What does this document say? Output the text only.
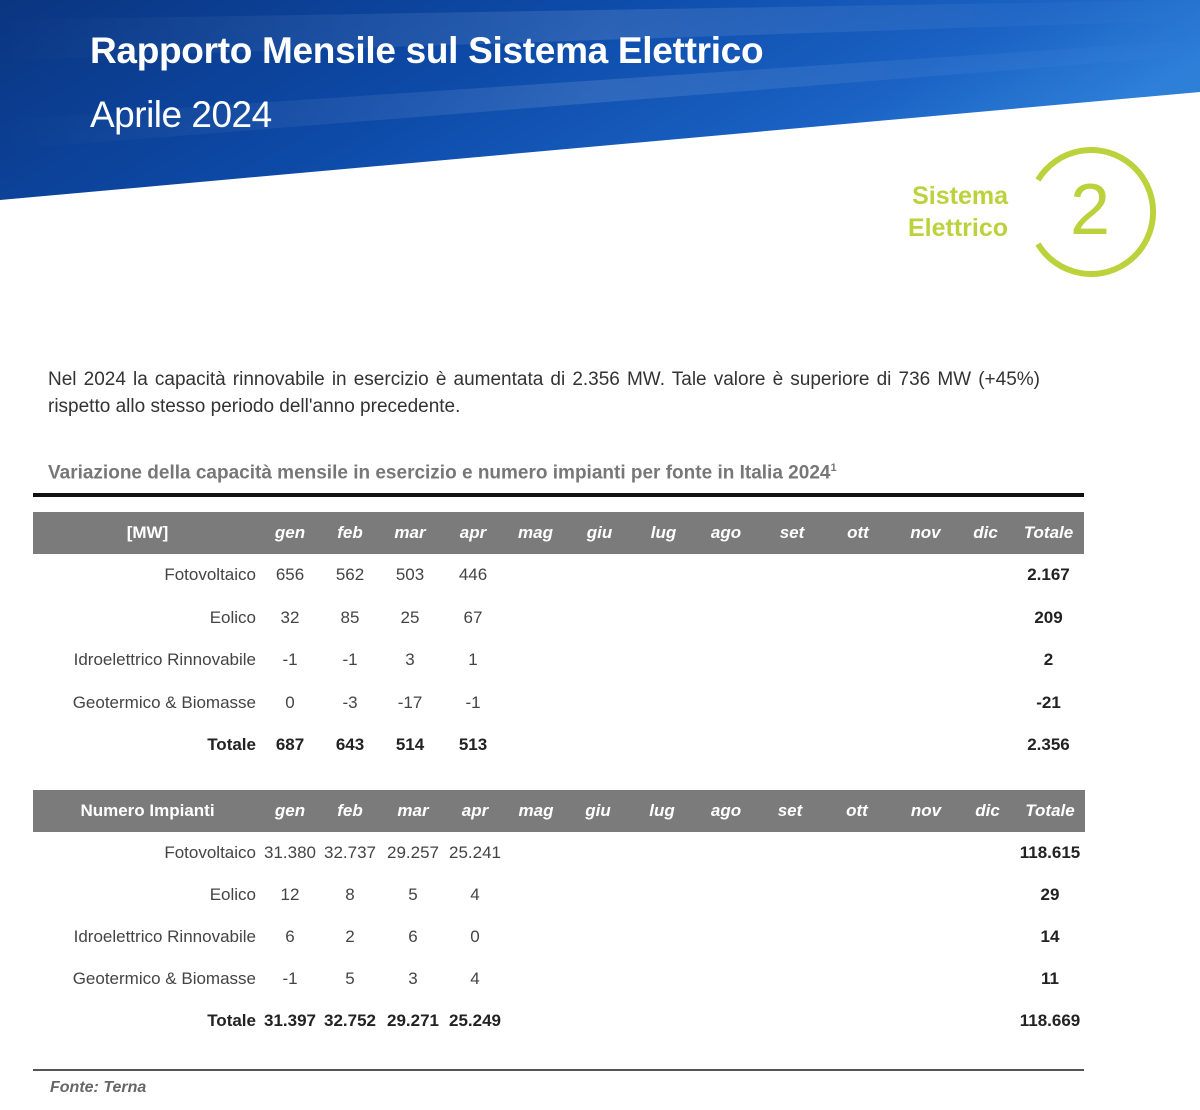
Rapporto Mensile sul Sistema Elettrico
Aprile 2024
Sistema
Elettrico 2
Nel 2024 la capacità rinnovabile in esercizio è aumentata di 2.356 MW. Tale valore è superiore di 736 MW (+45%) rispetto allo stesso periodo dell'anno precedente.
Variazione della capacità mensile in esercizio e numero impianti per fonte in Italia 2024$^1$
[MW]	gen	feb	mar	apr	mag	giu	lug	ago	set	ott	nov	dic	Totale
Fotovoltaico	656	562	503	446									2.167
Eolico	32	85	25	67									209
Idroelettrico Rinnovabile	-1	-1	3	1									2
Geotermico & Biomasse	0	-3	-17	-1									-21
Totale	687	643	514	513									2.356
Numero Impianti	gen	feb	mar	apr	mag	giu	lug	ago	set	ott	nov	dic	Totale
Fotovoltaico	31.380	32.737	29.257	25.241									118.615
Eolico	12	8	5	4									29
Idroelettrico Rinnovabile	6	2	6	0									14
Geotermico & Biomasse	-1	5	3	4									11
Totale	31.397	32.752	29.271	25.249									118.669
Fonte: Terna
